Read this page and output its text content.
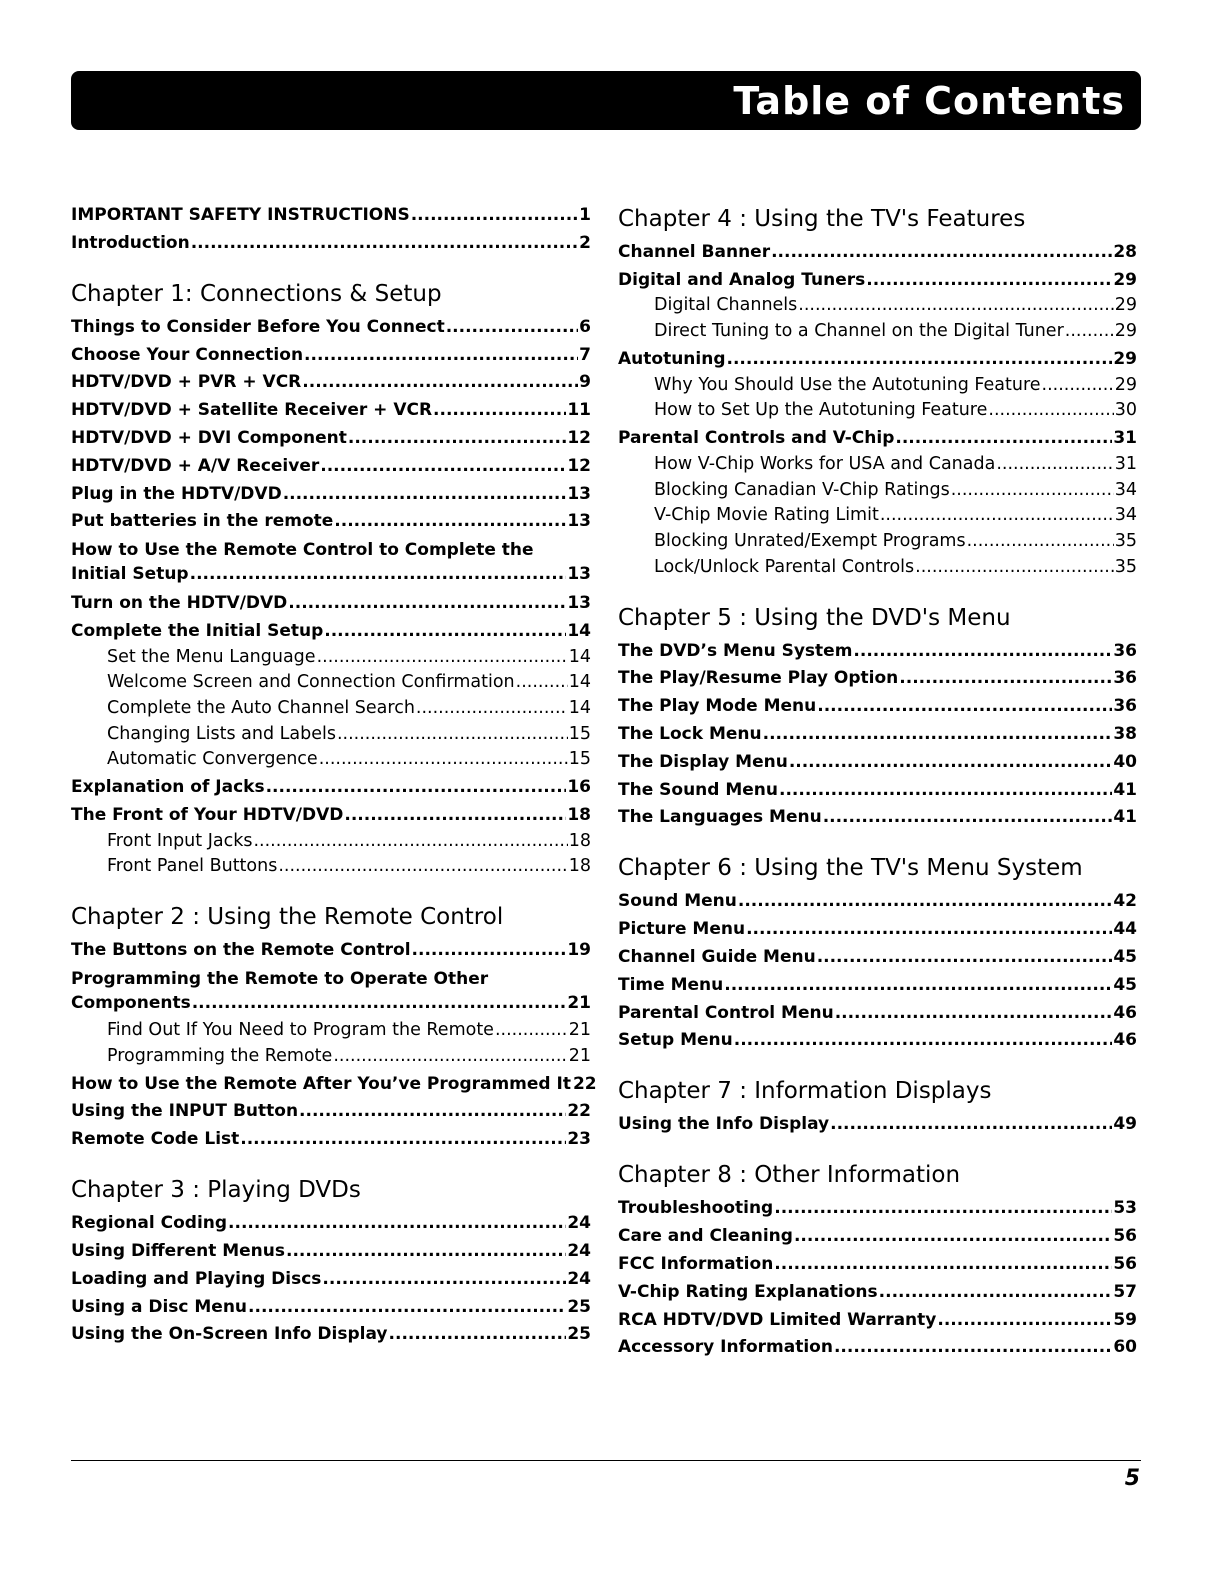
Table of Contents
IMPORTANT SAFETY INSTRUCTIONS .....	1
Introduction .....	2
Chapter 1: Connections & Setup
Things to Consider Before You Connect .....	6
Choose Your Connection .....	7
HDTV/DVD + PVR + VCR .....	9
HDTV/DVD + Satellite Receiver + VCR .....	11
HDTV/DVD + DVI Component .....	12
HDTV/DVD + A/V Receiver .....	12
Plug in the HDTV/DVD .....	13
Put batteries in the remote .....	13
How to Use the Remote Control to Complete the
Initial Setup .....	13
Turn on the HDTV/DVD .....	13
Complete the Initial Setup .....	14
Set the Menu Language .....	14
Welcome Screen and Connection Confirmation .....	14
Complete the Auto Channel Search .....	14
Changing Lists and Labels .....	15
Automatic Convergence .....	15
Explanation of Jacks .....	16
The Front of Your HDTV/DVD .....	18
Front Input Jacks .....	18
Front Panel Buttons .....	18
Chapter 2 : Using the Remote Control
The Buttons on the Remote Control .....	19
Programming the Remote to Operate Other
Components .....	21
Find Out If You Need to Program the Remote .....	21
Programming the Remote .....	21
How to Use the Remote After You’ve Programmed It 22
Using the INPUT Button .....	22
Remote Code List .....	23
Chapter 3 : Playing DVDs
Regional Coding .....	24
Using Different Menus .....	24
Loading and Playing Discs .....	24
Using a Disc Menu .....	25
Using the On-Screen Info Display .....	25
Chapter 4 : Using the TV's Features
Channel Banner .....	28
Digital and Analog Tuners .....	29
Digital Channels .....	29
Direct Tuning to a Channel on the Digital Tuner .....	29
Autotuning .....	29
Why You Should Use the Autotuning Feature .....	29
How to Set Up the Autotuning Feature .....	30
Parental Controls and V-Chip .....	31
How V-Chip Works for USA and Canada .....	31
Blocking Canadian V-Chip Ratings .....	34
V-Chip Movie Rating Limit .....	34
Blocking Unrated/Exempt Programs .....	35
Lock/Unlock Parental Controls .....	35
Chapter 5 : Using the DVD's Menu
The DVD’s Menu System .....	36
The Play/Resume Play Option .....	36
The Play Mode Menu .....	36
The Lock Menu .....	38
The Display Menu .....	40
The Sound Menu .....	41
The Languages Menu .....	41
Chapter 6 : Using the TV's Menu System
Sound Menu .....	42
Picture Menu .....	44
Channel Guide Menu .....	45
Time Menu .....	45
Parental Control Menu .....	46
Setup Menu .....	46
Chapter 7 : Information Displays
Using the Info Display .....	49
Chapter 8 : Other Information
Troubleshooting .....	53
Care and Cleaning .....	56
FCC Information .....	56
V-Chip Rating Explanations .....	57
RCA HDTV/DVD Limited Warranty .....	59
Accessory Information .....	60
5
